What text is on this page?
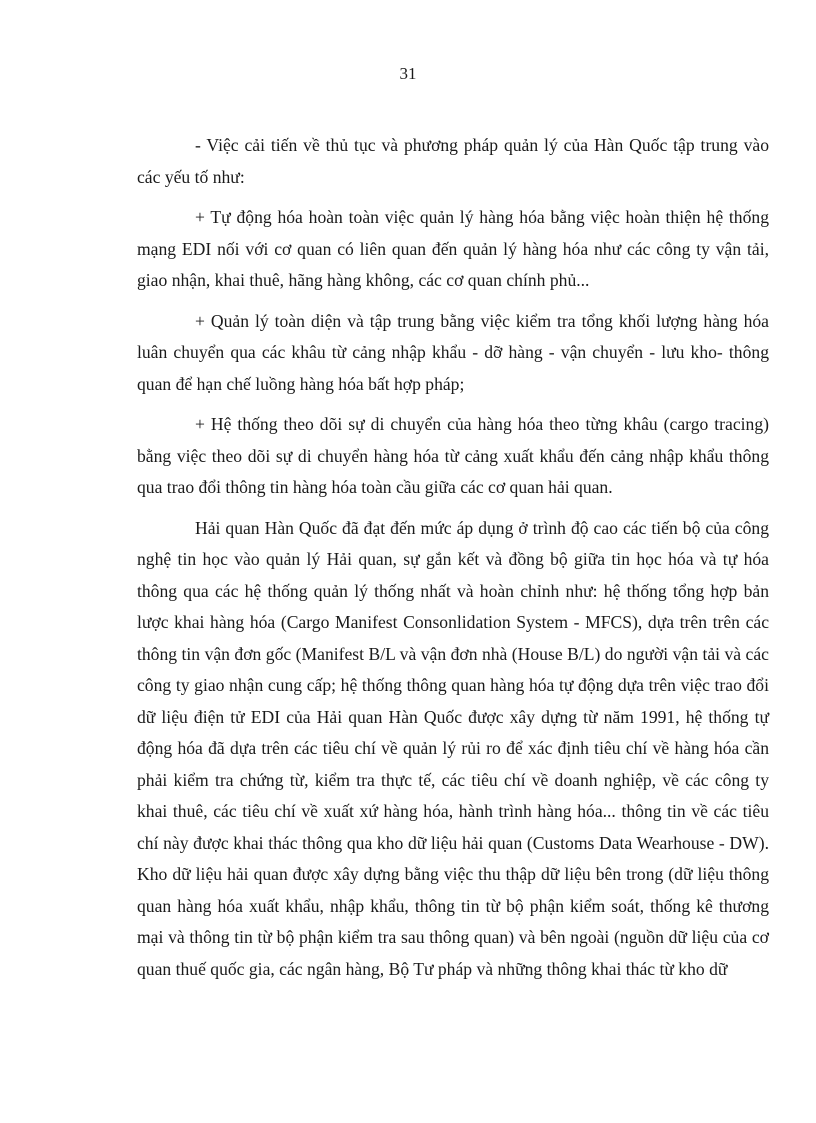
31

- Việc cải tiến về thủ tục và phương pháp quản lý của Hàn Quốc tập trung vào các yếu tố như:

+ Tự động hóa hoàn toàn việc quản lý hàng hóa bằng việc hoàn thiện hệ thống mạng EDI nối với cơ quan có liên quan đến quản lý hàng hóa như các công ty vận tải, giao nhận, khai thuê, hãng hàng không, các cơ quan chính phủ...

+ Quản lý toàn diện và tập trung bằng việc kiểm tra tổng khối lượng hàng hóa luân chuyển qua các khâu từ cảng nhập khẩu - dỡ hàng - vận chuyển - lưu kho- thông quan để hạn chế luồng hàng hóa bất hợp pháp;

+ Hệ thống theo dõi sự di chuyển của hàng hóa theo từng khâu (cargo tracing) bằng việc theo dõi sự di chuyển hàng hóa từ cảng xuất khẩu đến cảng nhập khẩu thông qua trao đổi thông tin hàng hóa toàn cầu giữa các cơ quan hải quan.

Hải quan Hàn Quốc đã đạt đến mức áp dụng ở trình độ cao các tiến bộ của công nghệ tin học vào quản lý Hải quan, sự gắn kết và đồng bộ giữa tin học hóa và tự hóa thông qua các hệ thống quản lý thống nhất và hoàn chỉnh như: hệ thống tổng hợp bản lược khai hàng hóa (Cargo Manifest Consonlidation System - MFCS), dựa trên trên các thông tin vận đơn gốc (Manifest B/L và vận đơn nhà (House B/L) do người vận tải và các công ty giao nhận cung cấp; hệ thống thông quan hàng hóa tự động dựa trên việc trao đổi dữ liệu điện tử EDI của Hải quan Hàn Quốc được xây dựng từ năm 1991, hệ thống tự động hóa đã dựa trên các tiêu chí về quản lý rủi ro để xác định tiêu chí về hàng hóa cần phải kiểm tra chứng từ, kiểm tra thực tế, các tiêu chí về doanh nghiệp, về các công ty khai thuê, các tiêu chí về xuất xứ hàng hóa, hành trình hàng hóa... thông tin về các tiêu chí này được khai thác thông qua kho dữ liệu hải quan (Customs Data Wearhouse - DW). Kho dữ liệu hải quan được xây dựng bằng việc thu thập dữ liệu bên trong (dữ liệu thông quan hàng hóa xuất khẩu, nhập khẩu, thông tin từ bộ phận kiểm soát, thống kê thương mại và thông tin từ bộ phận kiểm tra sau thông quan) và bên ngoài (nguồn dữ liệu của cơ quan thuế quốc gia, các ngân hàng, Bộ Tư pháp và những thông khai thác từ kho dữ
